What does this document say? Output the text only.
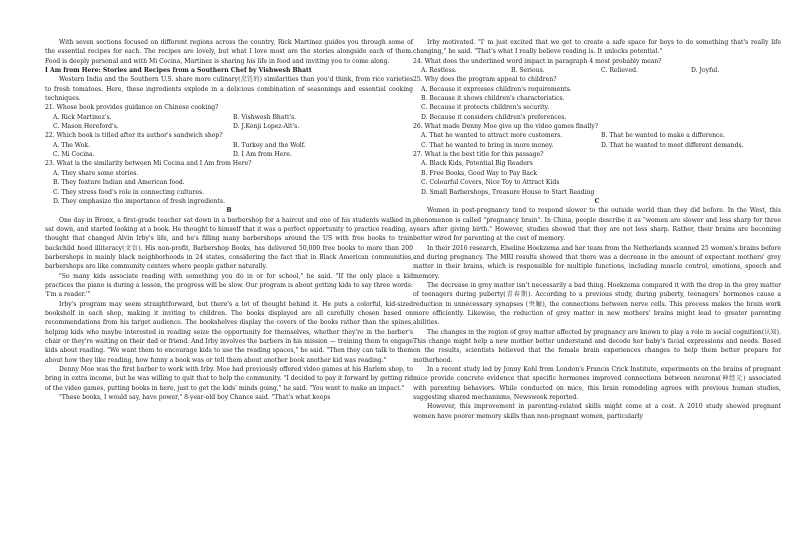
With seven sections focused on different regions across the country, Rick Martinez guides you through some of the essential recipes for each. The recipes are lovely, but what I love most are the stories alongside each of them. Food is deeply personal and with Mi Cocina, Martinez is sharing his life in food and inviting you to come along.

I Am from Here: Stories and Recipes from a Southern Chef by Vishwesh Bhatt

Western India and the Southern U.S. share more culinary(烹饪的) similarities than you'd think, from rice varieties to fresh tomatoes. Here, these ingredients explode in a delicious combination of seasonings and essential cooking techniques.

21. Whose book provides guidance on Chinese cooking?

A. Rick Martinez's.	B. Vishwesh Bhatt's.
C. Mason Hereford's.	D. J.Kenji Lopez-Alt's.

22. Which book is titled after its author's sandwich shop?

A. The Wok.	B. Turkey and the Wolf.
C. Mi Cocina.	D. I Am from Here.

23. What is the similarity between Mi Cocina and I Am from Here?

A. They share some stories.

B. They feature Indian and American food.

C. They stress food's role in connecting cultures.

D. They emphasize the importance of fresh ingredients.

B

One day in Bronx, a first-grade teacher sat down in a barbershop for a haircut and one of his students walked in, sat down, and started looking at a book. He thought to himself that it was a perfect opportunity to practice reading, a thought that changed Alvin Irby's life, and he's filling many barbershops around the US with free books to train backchild hood illiteracy(文盲). His non-profit, Barbershop Books, has delivered 50,000 free books to more than 200 barbershops in mainly black neighborhoods in 24 states, considering the fact that in Black American communities, barbershops are like community centers where people gather naturally.

"So many kids associate reading with something you do in or for school," he said. "If the only place a kid practices the piano is during a lesson, the progress will be slow. Our program is about getting kids to say three words: 'I'm a reader.'"

Irby's program may seem straightforward, but there's a lot of thought behind it. He puts a colorful, kid-sized bookshelf in each shop, making it inviting to children. The books displayed are all carefully chosen based on recommendations from his target audience. The bookshelves display the covers of the books rather than the spines, helping kids who maybe interested in reading seize the opportunity for themselves, whether they're in the barber's chair or they're waiting on their dad or friend. And Irby involves the barbers in his mission — training them to engage kids about reading. "We want them to encourage kids to use the reading spaces," he said. "Then they can talk to them about how they like reading, how funny a book was or tell them about another book another kid was reading."

Denny Moe was the first barber to work with Irby. Moe had previously offered video games at his Harlem shop, to bring in extra income, but he was willing to quit that to help the community. "I decided to pay it forward by getting rid of the video games, putting books in here, just to get the kids' minds going," he said. "You want to make an impact."

"These books, I would say, have power," 8-year-old boy Chance said. "That's what keeps

Irby motivated. "I' m just excited that we get to create a safe space for boys to do something that's really life changing," he said. "That's what I really believe reading is. It unlocks potential."

24. What does the underlined word impact in paragraph 4 most probably mean?

A. Restless.	B. Serious.	C. Relieved.	D. Joyful.

25. Why does the program appeal to children?

A. Because it expresses children's requirements.

B. Because it shows children's characteristics.

C. Because it protects children's security.

D. Because it considers children's preferences.

26. What made Denny Moe give up the video games finally?

A. That he wanted to attract more customers.	B. That he wanted to make a difference.
C. That he wanted to bring in more money.	D. That he wanted to meet different demands.

27. What is the best title for this passage?

A. Black Kids, Potential Big Readers

B. Free Books, Good Way to Pay Back

C. Colourful Covers, Nice Toy to Attract Kids

D. Small Barbershops, Treasure House to Start Reading

C

Women in post-pregnancy tend to respond slower to the outside world than they did before. In the West, this phenomenon is called "pregnancy brain". In China, people describe it as "women are slower and less sharp for three years after giving birth." However, studies showed that they are not less sharp. Rather, their brains are becoming better wired for parenting at the cost of memory.

In their 2016 research, Elseline Hoekzema and her team from the Netherlands scanned 25 women's brains before and during pregnancy. The MRI results showed that there was a decrease in the amount of expectant mothers' grey matter in their brains, which is responsible for multiple functions, including muscle control, emotions, speech and memory.

The decrease in grey matter isn't necessarily a bad thing. Hoekzema compared it with the drop in the grey matter of teenagers during puberty(青春期). According to a previous study, during puberty, teenagers' hormones cause a reduction in unnecessary synapses (突触), the connections between nerve cells. This process makes the brain work more efficiently. Likewise, the reduction of grey matter in new mothers' brains might lead to greater parenting abilities.

The changes in the region of grey matter affected by pregnancy are known to play a role in social cognition(认知). This change might help a new mother better understand and decode her baby's facial expressions and needs. Based on the results, scientists believed that the female brain experiences changes to help them better prepare for motherhood.

In a recent study led by Jonny Kohl from London's Francis Crick Institute, experiments on the brains of pregnant mice provide concrete evidence that specific hormones improved connections between neurons(神经元) associated with parenting behaviors. While conducted on mice, this brain remodeling agrees with previous human studies, suggesting shared mechanisms, Newsweek reported.

However, this improvement in parenting-related skills might come at a cost. A 2010 study showed pregnant women have poorer memory skills than non-pregnant women, particularly
